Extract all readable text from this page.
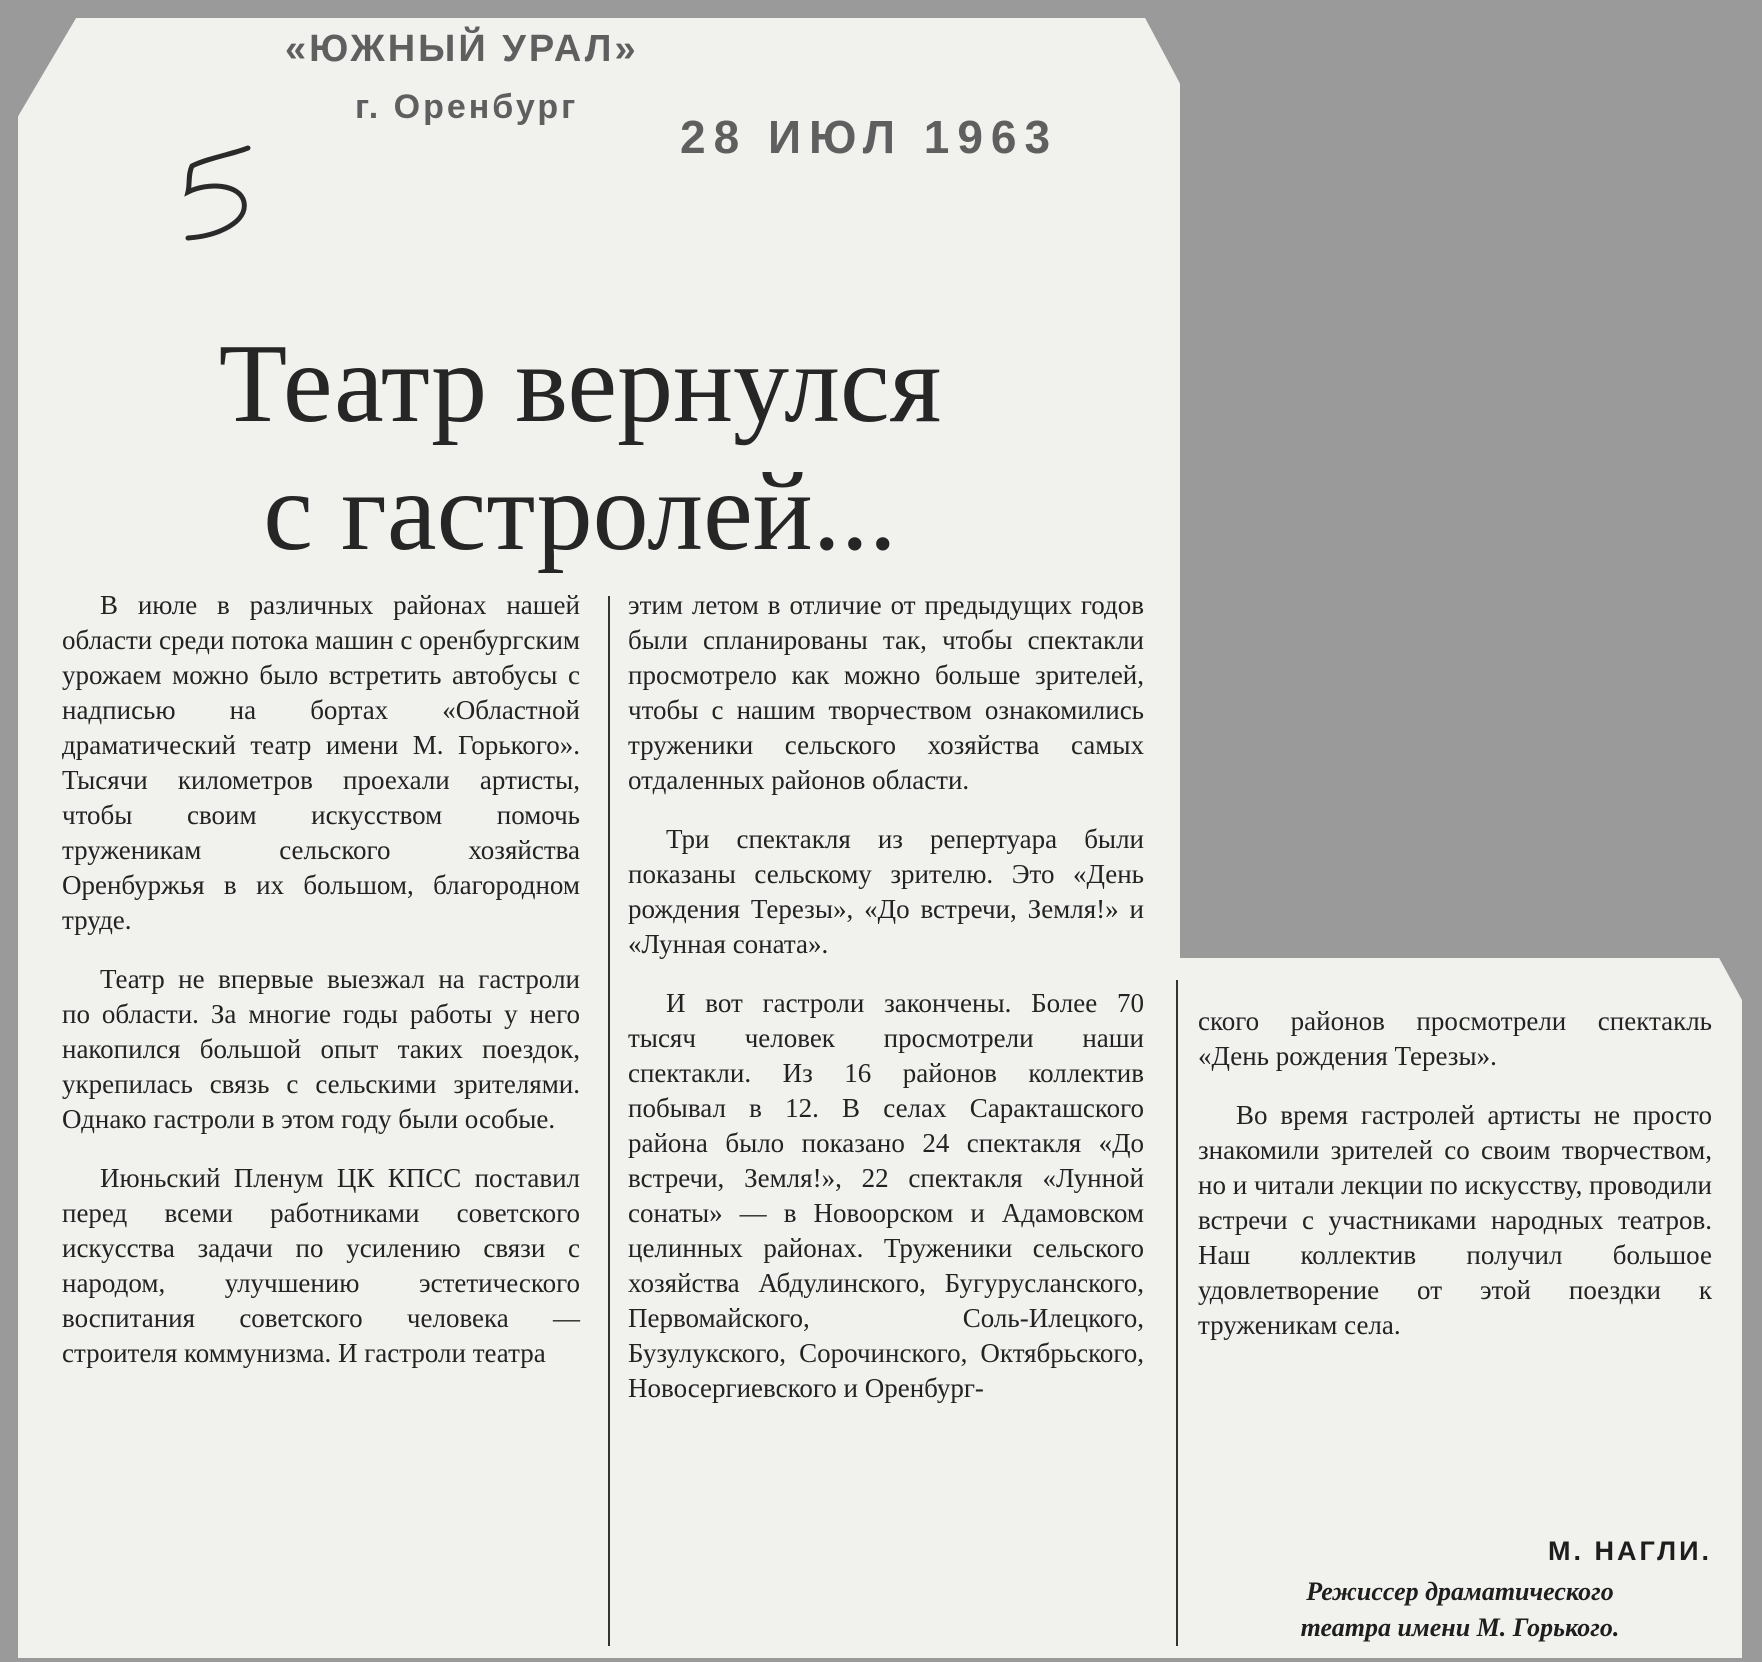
«ЮЖНЫЙ УРАЛ»
г. Оренбург
28 ИЮЛ 1963
Театр вернулся
с гастролей...

В июле в различных районах нашей области среди потока машин с оренбургским урожаем можно было встретить автобусы с надписью на бортах «Областной драматический театр имени М. Горького». Тысячи километров проехали артисты, чтобы своим искусством помочь труженикам сельского хозяйства Оренбуржья в их большом, благородном труде.

Театр не впервые выезжал на гастроли по области. За многие годы работы у него накопился большой опыт таких поездок, укрепилась связь с сельскими зрителями. Однако гастроли в этом году были особые.

Июньский Пленум ЦК КПСС поставил перед всеми работниками советского искусства задачи по усилению связи с народом, улучшению эстетического воспитания советского человека — строителя коммунизма. И гастроли театра

этим летом в отличие от предыдущих годов были спланированы так, чтобы спектакли просмотрело как можно больше зрителей, чтобы с нашим творчеством ознакомились труженики сельского хозяйства самых отдаленных районов области.

Три спектакля из репертуара были показаны сельскому зрителю. Это «День рождения Терезы», «До встречи, Земля!» и «Лунная соната».

И вот гастроли закончены. Более 70 тысяч человек просмотрели наши спектакли. Из 16 районов коллектив побывал в 12. В селах Саракташского района было показано 24 спектакля «До встречи, Земля!», 22 спектакля «Лунной сонаты» — в Новоорском и Адамовском целинных районах. Труженики сельского хозяйства Абдулинского, Бугурусланского, Первомайского, Соль-Илецкого, Бузулукского, Сорочинского, Октябрьского, Новосергиевского и Оренбург-

ского районов просмотрели спектакль «День рождения Терезы».

Во время гастролей артисты не просто знакомили зрителей со своим творчеством, но и читали лекции по искусству, проводили встречи с участниками народных театров. Наш коллектив получил большое удовлетворение от этой поездки к труженикам села.

М. НАГЛИ.
Режиссер драматического
театра имени М. Горького.
